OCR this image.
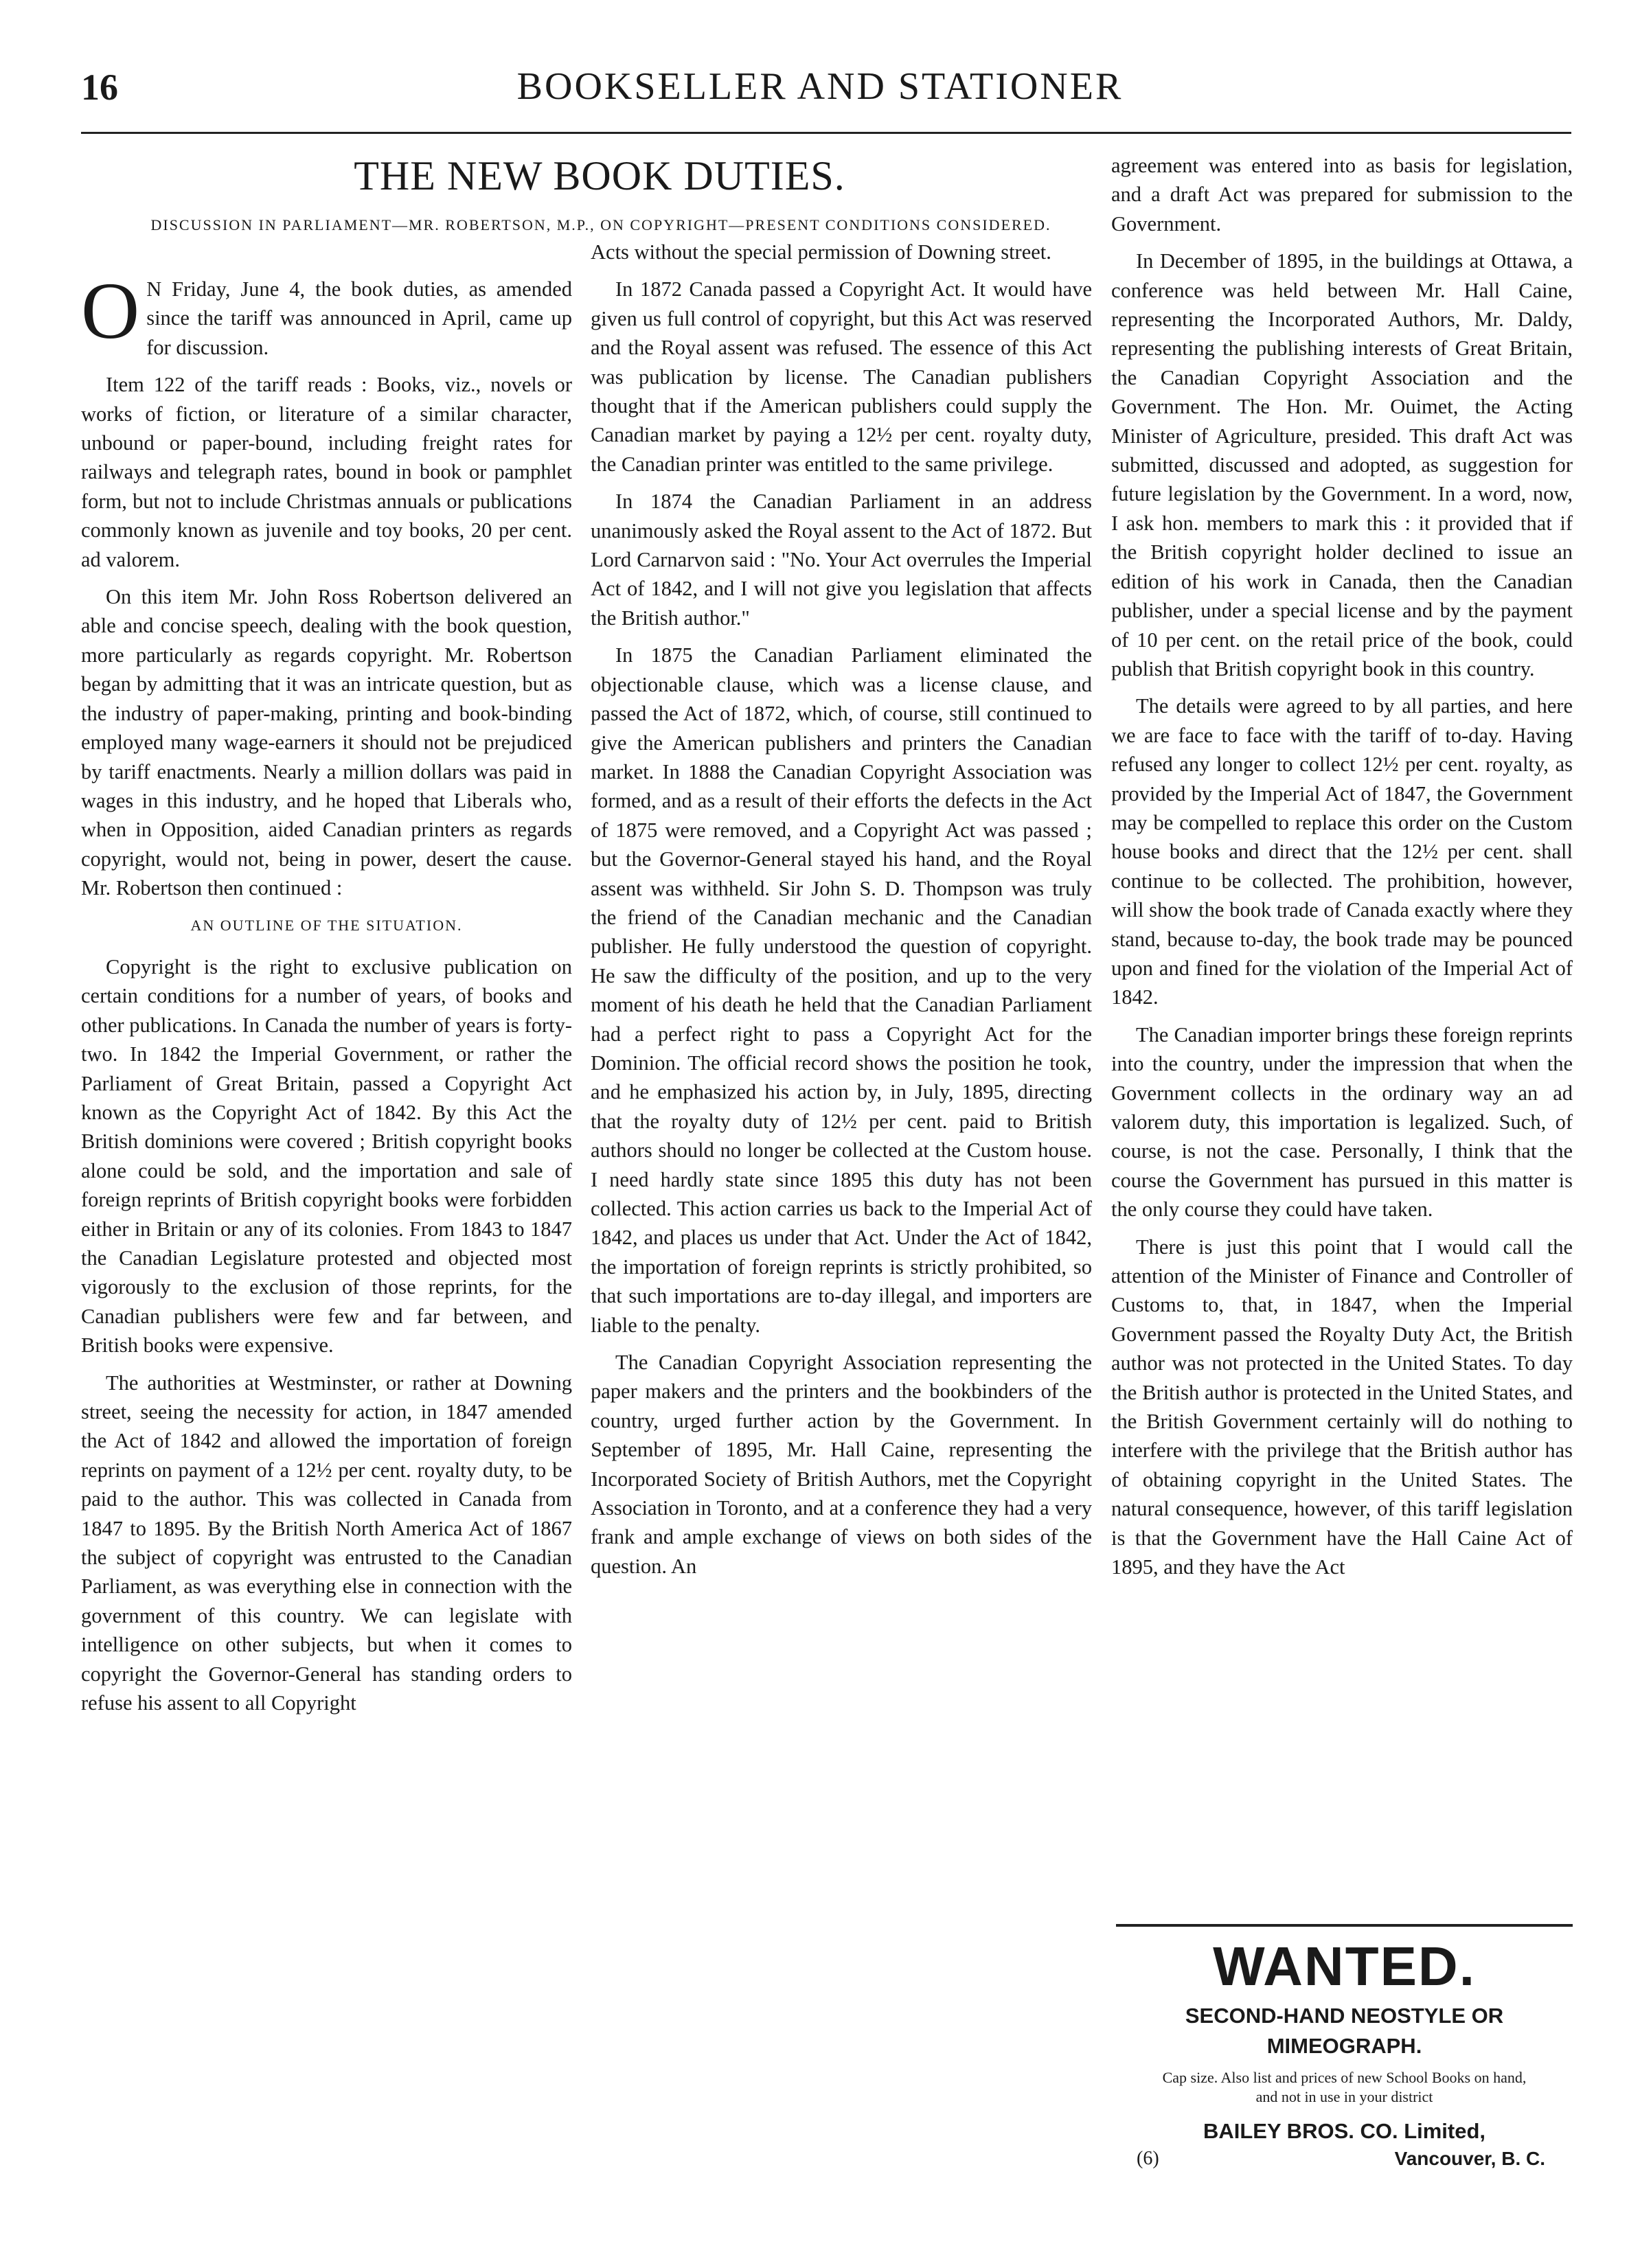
16	BOOKSELLER AND STATIONER
THE NEW BOOK DUTIES.
DISCUSSION IN PARLIAMENT—MR. ROBERTSON, M.P., ON COPYRIGHT—PRESENT CONDITIONS CONSIDERED.

O N Friday, June 4, the book duties, as amended since the tariff was announced in April, came up for discussion.

Item 122 of the tariff reads : Books, viz., novels or works of fiction, or literature of a similar character, unbound or paper-bound, including freight rates for railways and telegraph rates, bound in book or pamphlet form, but not to include Christmas annuals or publications commonly known as juvenile and toy books, 20 per cent. ad valorem.

On this item Mr. John Ross Robertson delivered an able and concise speech, dealing with the book question, more particularly as regards copyright. Mr. Robertson began by admitting that it was an intricate question, but as the industry of paper-making, printing and book-binding employed many wage-earners it should not be prejudiced by tariff enactments. Nearly a million dollars was paid in wages in this industry, and he hoped that Liberals who, when in Opposition, aided Canadian printers as regards copyright, would not, being in power, desert the cause. Mr. Robertson then continued :

AN OUTLINE OF THE SITUATION.

Copyright is the right to exclusive publication on certain conditions for a number of years, of books and other publications. In Canada the number of years is forty-two. In 1842 the Imperial Government, or rather the Parliament of Great Britain, passed a Copyright Act known as the Copyright Act of 1842. By this Act the British dominions were covered ; British copyright books alone could be sold, and the importation and sale of foreign reprints of British copyright books were forbidden either in Britain or any of its colonies. From 1843 to 1847 the Canadian Legislature protested and objected most vigorously to the exclusion of those reprints, for the Canadian publishers were few and far between, and British books were expensive.

The authorities at Westminster, or rather at Downing street, seeing the necessity for action, in 1847 amended the Act of 1842 and allowed the importation of foreign reprints on payment of a 12½ per cent. royalty duty, to be paid to the author. This was collected in Canada from 1847 to 1895. By the British North America Act of 1867 the subject of copyright was entrusted to the Canadian Parliament, as was everything else in connection with the government of this country. We can legislate with intelligence on other subjects, but when it comes to copyright the Governor-General has standing orders to refuse his assent to all Copyright

Acts without the special permission of Downing street.

In 1872 Canada passed a Copyright Act. It would have given us full control of copyright, but this Act was reserved and the Royal assent was refused. The essence of this Act was publication by license. The Canadian publishers thought that if the American publishers could supply the Canadian market by paying a 12½ per cent. royalty duty, the Canadian printer was entitled to the same privilege.

In 1874 the Canadian Parliament in an address unanimously asked the Royal assent to the Act of 1872. But Lord Carnarvon said : "No. Your Act overrules the Imperial Act of 1842, and I will not give you legislation that affects the British author."

In 1875 the Canadian Parliament eliminated the objectionable clause, which was a license clause, and passed the Act of 1872, which, of course, still continued to give the American publishers and printers the Canadian market. In 1888 the Canadian Copyright Association was formed, and as a result of their efforts the defects in the Act of 1875 were removed, and a Copyright Act was passed ; but the Governor-General stayed his hand, and the Royal assent was withheld. Sir John S. D. Thompson was truly the friend of the Canadian mechanic and the Canadian publisher. He fully understood the question of copyright. He saw the difficulty of the position, and up to the very moment of his death he held that the Canadian Parliament had a perfect right to pass a Copyright Act for the Dominion. The official record shows the position he took, and he emphasized his action by, in July, 1895, directing that the royalty duty of 12½ per cent. paid to British authors should no longer be collected at the Custom house. I need hardly state since 1895 this duty has not been collected. This action carries us back to the Imperial Act of 1842, and places us under that Act. Under the Act of 1842, the importation of foreign reprints is strictly prohibited, so that such importations are to-day illegal, and importers are liable to the penalty.

The Canadian Copyright Association representing the paper makers and the printers and the bookbinders of the country, urged further action by the Government. In September of 1895, Mr. Hall Caine, representing the Incorporated Society of British Authors, met the Copyright Association in Toronto, and at a conference they had a very frank and ample exchange of views on both sides of the question. An

agreement was entered into as basis for legislation, and a draft Act was prepared for submission to the Government.

In December of 1895, in the buildings at Ottawa, a conference was held between Mr. Hall Caine, representing the Incorporated Authors, Mr. Daldy, representing the publishing interests of Great Britain, the Canadian Copyright Association and the Government. The Hon. Mr. Ouimet, the Acting Minister of Agriculture, presided. This draft Act was submitted, discussed and adopted, as suggestion for future legislation by the Government. In a word, now, I ask hon. members to mark this : it provided that if the British copyright holder declined to issue an edition of his work in Canada, then the Canadian publisher, under a special license and by the payment of 10 per cent. on the retail price of the book, could publish that British copyright book in this country.

The details were agreed to by all parties, and here we are face to face with the tariff of to-day. Having refused any longer to collect 12½ per cent. royalty, as provided by the Imperial Act of 1847, the Government may be compelled to replace this order on the Custom house books and direct that the 12½ per cent. shall continue to be collected. The prohibition, however, will show the book trade of Canada exactly where they stand, because to-day, the book trade may be pounced upon and fined for the violation of the Imperial Act of 1842.

The Canadian importer brings these foreign reprints into the country, under the impression that when the Government collects in the ordinary way an ad valorem duty, this importation is legalized. Such, of course, is not the case. Personally, I think that the course the Government has pursued in this matter is the only course they could have taken.

There is just this point that I would call the attention of the Minister of Finance and Controller of Customs to, that, in 1847, when the Imperial Government passed the Royalty Duty Act, the British author was not protected in the United States. To day the British author is protected in the United States, and the British Government certainly will do nothing to interfere with the privilege that the British author has of obtaining copyright in the United States. The natural consequence, however, of this tariff legislation is that the Government have the Hall Caine Act of 1895, and they have the Act

WANTED.
SECOND-HAND NEOSTYLE OR MIMEOGRAPH.
Cap size. Also list and prices of new School Books on hand, and not in use in your district
BAILEY BROS. CO. Limited,
(6)	Vancouver, B. C.
